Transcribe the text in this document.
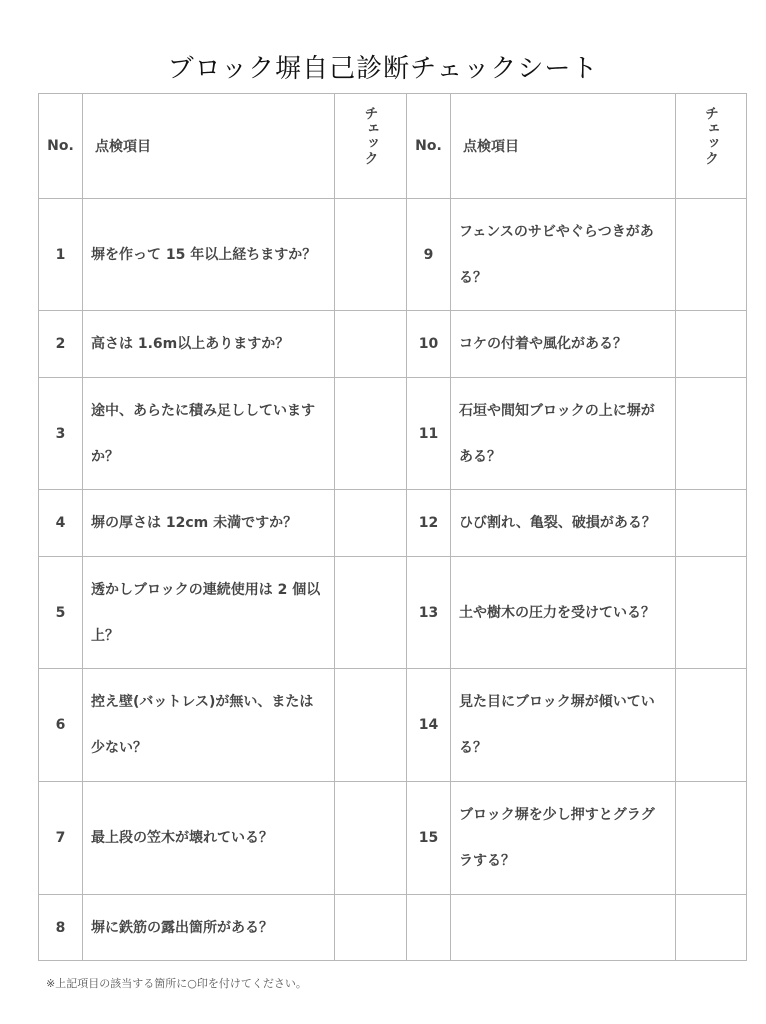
ブロック塀自己診断チェックシート
No.	点検項目	チェック	No.	点検項目	チェック
1	塀を作って 15 年以上経ちますか？		9	フェンスのサビやぐらつきがある？	

2	高さは 1.6m以上ありますか？		10	コケの付着や風化がある？	

3	途中、あらたに積み足ししていますか？		11	石垣や間知ブロックの上に塀がある？	

4	塀の厚さは 12cm 未満ですか？		12	ひび割れ、亀裂、破損がある？	

5	透かしブロックの連続使用は 2 個以上？		13	土や樹木の圧力を受けている？	

6	控え壁(バットレス)が無い、または少ない？		14	見た目にブロック塀が傾いている？	

7	最上段の笠木が壊れている？		15	ブロック塀を少し押すとグラグラする？	

8	塀に鉄筋の露出箇所がある？				

※上記項目の該当する箇所に○印を付けてください。
